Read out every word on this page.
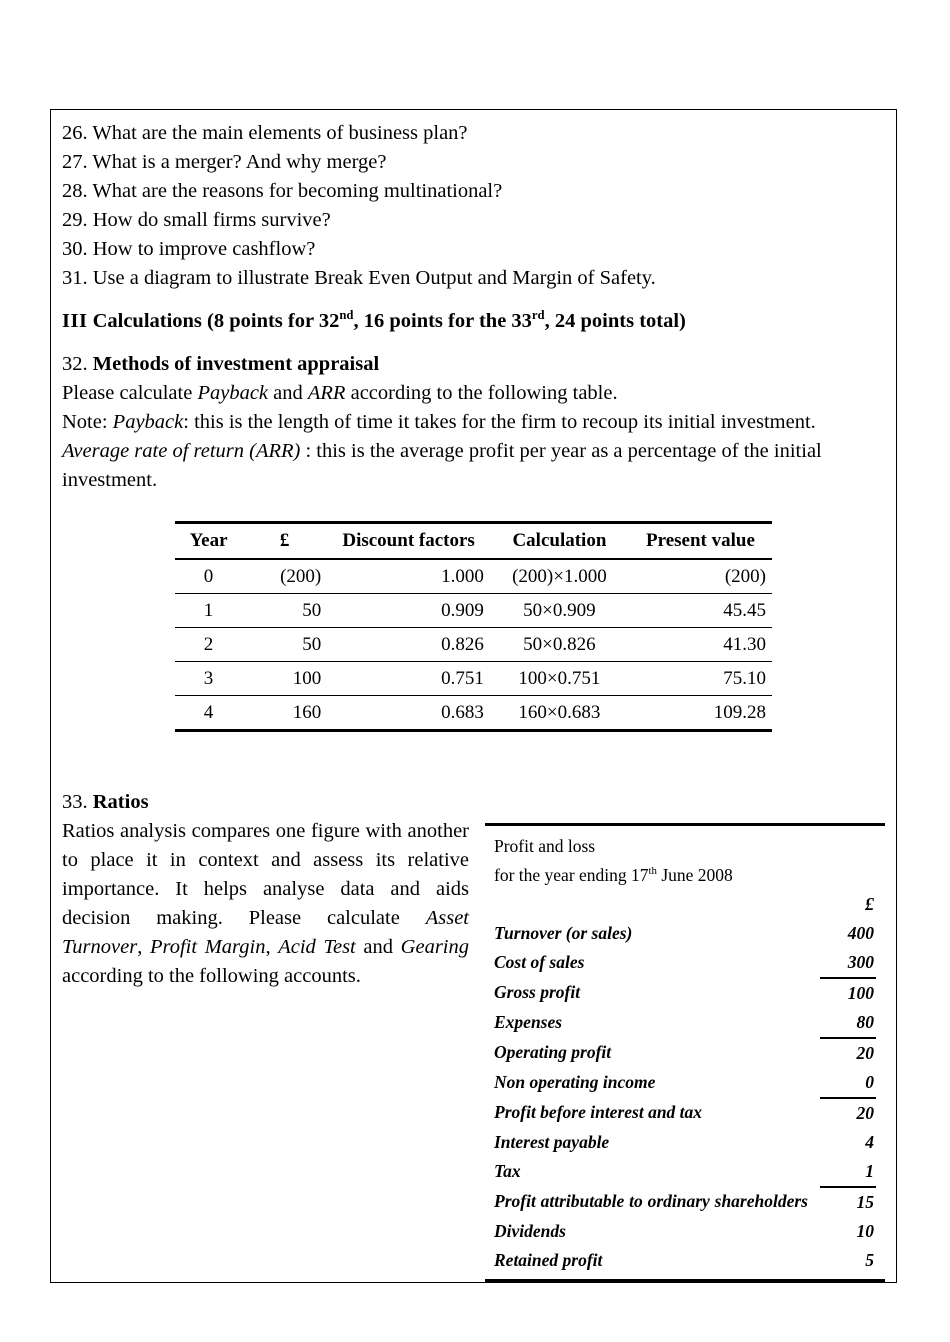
26. What are the main elements of business plan?
27. What is a merger? And why merge?
28. What are the reasons for becoming multinational?
29. How do small firms survive?
30. How to improve cashflow?
31. Use a diagram to illustrate Break Even Output and Margin of Safety.
III Calculations (8 points for 32nd, 16 points for the 33rd, 24 points total)
32. Methods of investment appraisal

Please calculate Payback and ARR according to the following table.

Note: Payback: this is the length of time it takes for the firm to recoup its initial investment.

Average rate of return (ARR) : this is the average profit per year as a percentage of the initial investment.

Year	£	Discount factors	Calculation	Present value
0	(200)	1.000	(200)×1.000	(200)
1	50	0.909	50×0.909	45.45
2	50	0.826	50×0.826	41.30
3	100	0.751	100×0.751	75.10
4	160	0.683	160×0.683	109.28
33. Ratios
Profit and loss
for the year ending 17th June 2008
£
Turnover (or sales)	400
Cost of sales	300
Gross profit	100
Expenses	80
Operating profit	20
Non operating income	0
Profit before interest and tax	20
Interest payable	4
Tax	1
Profit attributable to ordinary shareholders	15
Dividends	10
Retained profit	5

Ratios analysis compares one figure with another to place it in context and assess its relative importance. It helps analyse data and aids decision making. Please calculate Asset Turnover, Profit Margin, Acid Test and Gearing according to the following accounts.
